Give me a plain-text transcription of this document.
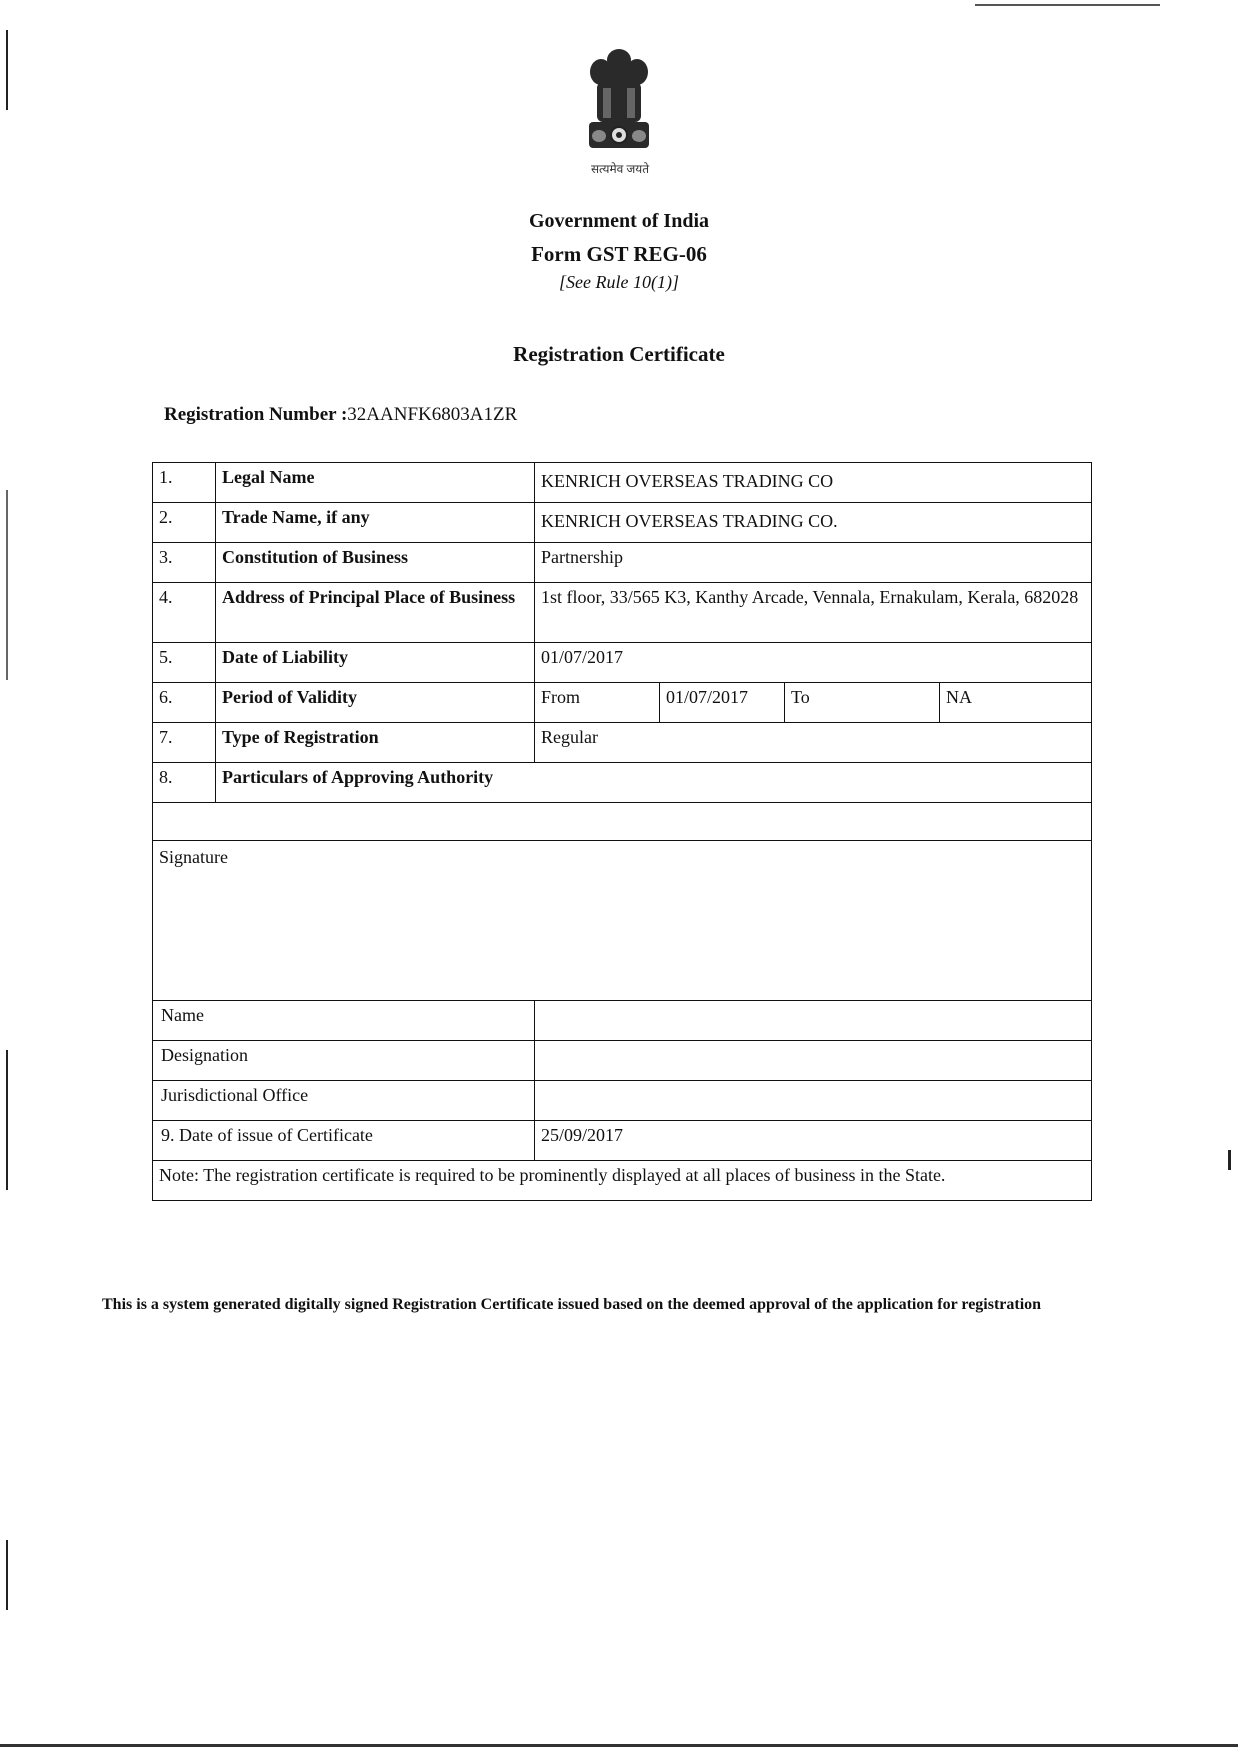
सत्यमेव जयते
Government of India
Form GST REG-06
[See Rule 10(1)]
Registration Certificate
Registration Number :32AANFK6803A1ZR
1.	Legal Name	KENRICH OVERSEAS TRADING CO			
2.	Trade Name, if any	KENRICH OVERSEAS TRADING CO.			
3.	Constitution of Business	Partnership			
4.	Address of Principal Place of Business	1st floor, 33/565 K3, Kanthy Arcade, Vennala, Ernakulam, Kerala, 682028			
5.	Date of Liability	01/07/2017			
6.	Period of Validity	From	01/07/2017	To	NA
7.	Type of Registration	Regular			
8.	Particulars of Approving Authority				

Signature					
Name					
Designation					
Jurisdictional Office					
9. Date of issue of Certificate		25/09/2017			
Note: The registration certificate is required to be prominently displayed at all places of business in the State.					
This is a system generated digitally signed Registration Certificate issued based on the deemed approval of the application for registration
